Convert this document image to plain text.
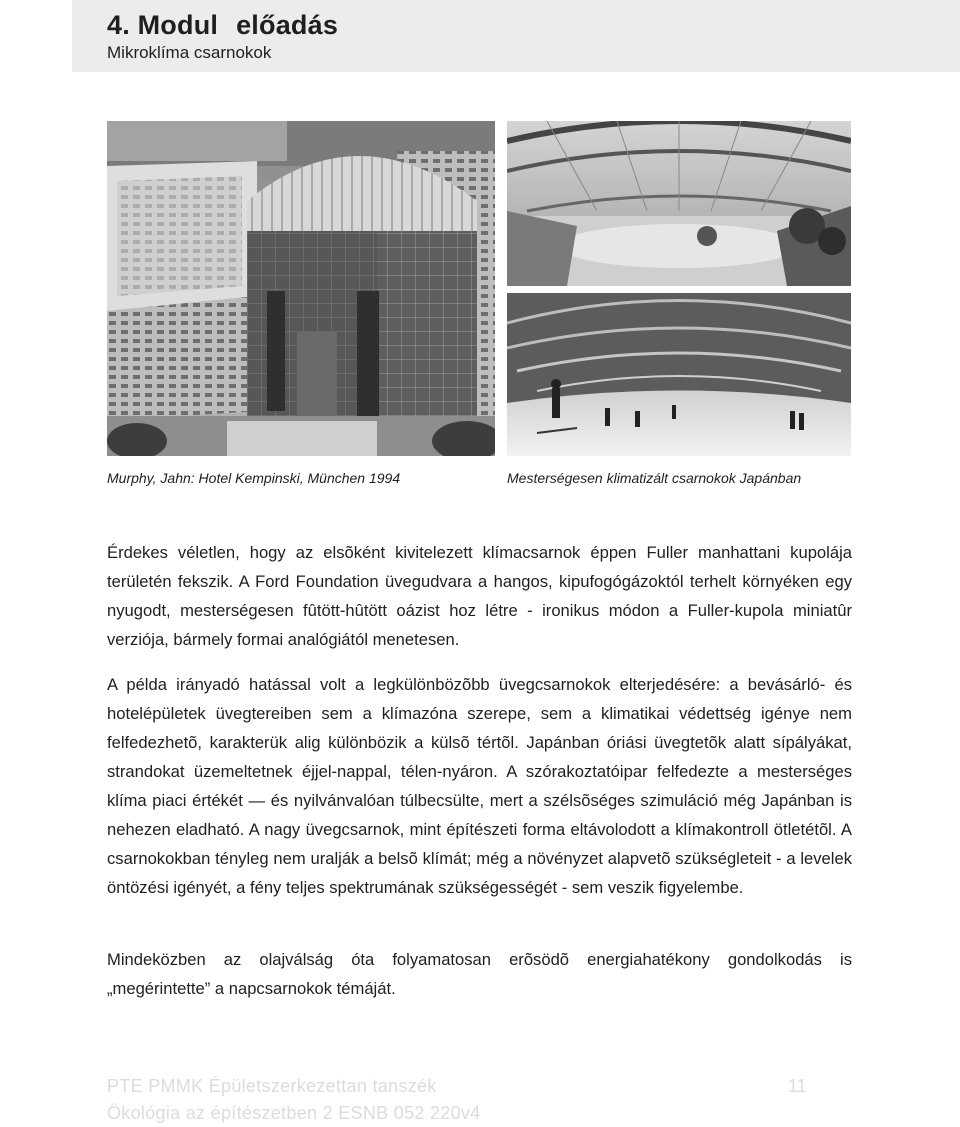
4. Modul előadás
Mikroklíma csarnokok
Murphy, Jahn: Hotel Kempinski, München 1994	Mesterségesen klimatizált csarnokok Japánban

Érdekes véletlen, hogy az elsõként kivitelezett klímacsarnok éppen Fuller manhattani kupolája területén fekszik. A Ford Foundation üvegudvara a hangos, kipufogógázoktól terhelt környéken egy nyugodt, mesterségesen fûtött-hûtött oázist hoz létre - ironikus módon a Fuller-kupola miniatûr verziója, bármely formai analógiától menetesen.

A példa irányadó hatással volt a legkülönbözõbb üvegcsarnokok elterjedésére: a bevásárló- és hotelépületek üvegtereiben sem a klímazóna szerepe, sem a klimatikai védettség igénye nem felfedezhetõ, karakterük alig különbözik a külsõ tértõl. Japánban óriási üvegtetõk alatt sípályákat, strandokat üzemeltetnek éjjel-nappal, télen-nyáron. A szórakoztatóipar felfedezte a mesterséges klíma piaci értékét — és nyilvánvalóan túlbecsülte, mert a szélsõséges szimuláció még Japánban is nehezen eladható. A nagy üvegcsarnok, mint építészeti forma eltávolodott a klímakontroll ötletétõl. A csarnokokban tényleg nem uralják a belsõ klímát; még a növényzet alapvetõ szükségleteit - a levelek öntözési igényét, a fény teljes spektrumának szükségességét - sem veszik figyelembe.

Mindeközben az olajválság óta folyamatosan erõsödõ energiahatékony gondolkodás is „megérintette” a napcsarnokok témáját.

PTE PMMK Épületszerkezettan tanszék
Ökológia az építészetben 2 ESNB 052 220v4
11
